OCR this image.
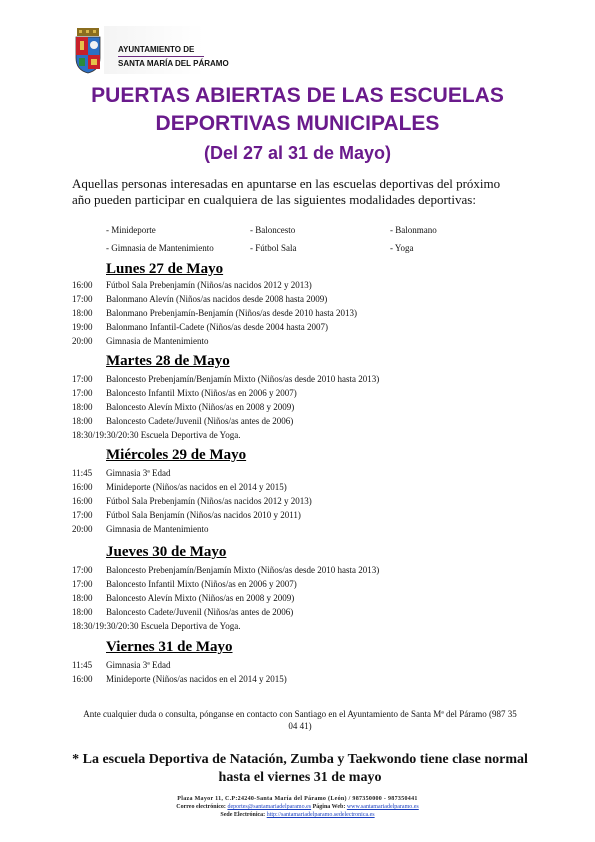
AYUNTAMIENTO DE
SANTA MARÍA DEL PÁRAMO
PUERTAS ABIERTAS DE LAS ESCUELAS
DEPORTIVAS MUNICIPALES
(Del 27 al 31 de Mayo)
Aquellas personas interesadas en apuntarse en las escuelas deportivas del próximo año pueden participar en cualquiera de las siguientes modalidades deportivas:
- Minideporte	- Baloncesto	- Balonmano
- Gimnasia de Mantenimiento	- Fútbol Sala	- Yoga
Lunes 27 de Mayo
16:00 Fútbol Sala Prebenjamín (Niños/as nacidos 2012 y 2013)
17:00 Balonmano Alevín (Niños/as nacidos desde 2008 hasta 2009)
18:00 Balonmano Prebenjamín-Benjamín (Niños/as desde 2010 hasta 2013)
19:00 Balonmano Infantil-Cadete (Niños/as desde 2004 hasta 2007)
20:00 Gimnasia de Mantenimiento
Martes 28 de Mayo
17:00 Baloncesto Prebenjamín/Benjamín Mixto (Niños/as desde 2010 hasta 2013)
17:00 Baloncesto Infantil Mixto (Niños/as en 2006 y 2007)
18:00 Baloncesto Alevín Mixto (Niños/as en 2008 y 2009)
18:00 Baloncesto Cadete/Juvenil (Niños/as antes de 2006)
18:30/19:30/20:30 Escuela Deportiva de Yoga.
Miércoles 29 de Mayo
11:45 Gimnasia 3ª Edad
16:00 Minideporte (Niños/as nacidos en el 2014 y 2015)
16:00 Fútbol Sala Prebenjamín (Niños/as nacidos 2012 y 2013)
17:00 Fútbol Sala Benjamín (Niños/as nacidos 2010 y 2011)
20:00 Gimnasia de Mantenimiento
Jueves 30 de Mayo
17:00 Baloncesto Prebenjamín/Benjamín Mixto (Niños/as desde 2010 hasta 2013)
17:00 Baloncesto Infantil Mixto (Niños/as en 2006 y 2007)
18:00 Baloncesto Alevín Mixto (Niños/as en 2008 y 2009)
18:00 Baloncesto Cadete/Juvenil (Niños/as antes de 2006)
18:30/19:30/20:30 Escuela Deportiva de Yoga.
Viernes 31 de Mayo
11:45 Gimnasia 3ª Edad
16:00 Minideporte (Niños/as nacidos en el 2014 y 2015)
Ante cualquier duda o consulta, pónganse en contacto con Santiago en el Ayuntamiento de Santa Mª del Páramo (987 35 04 41)
* La escuela Deportiva de Natación, Zumba y Taekwondo tiene clase normal hasta el viernes 31 de mayo
Plaza Mayor 11, C.P:24240-Santa María del Páramo (León) / 987350000 - 987350441
Correo electrónico: deportes@santamariadelparamo.es Página Web: www.santamariadelparamo.es
Sede Electrónica: http://santamariadelparamo.sedelectronica.es
